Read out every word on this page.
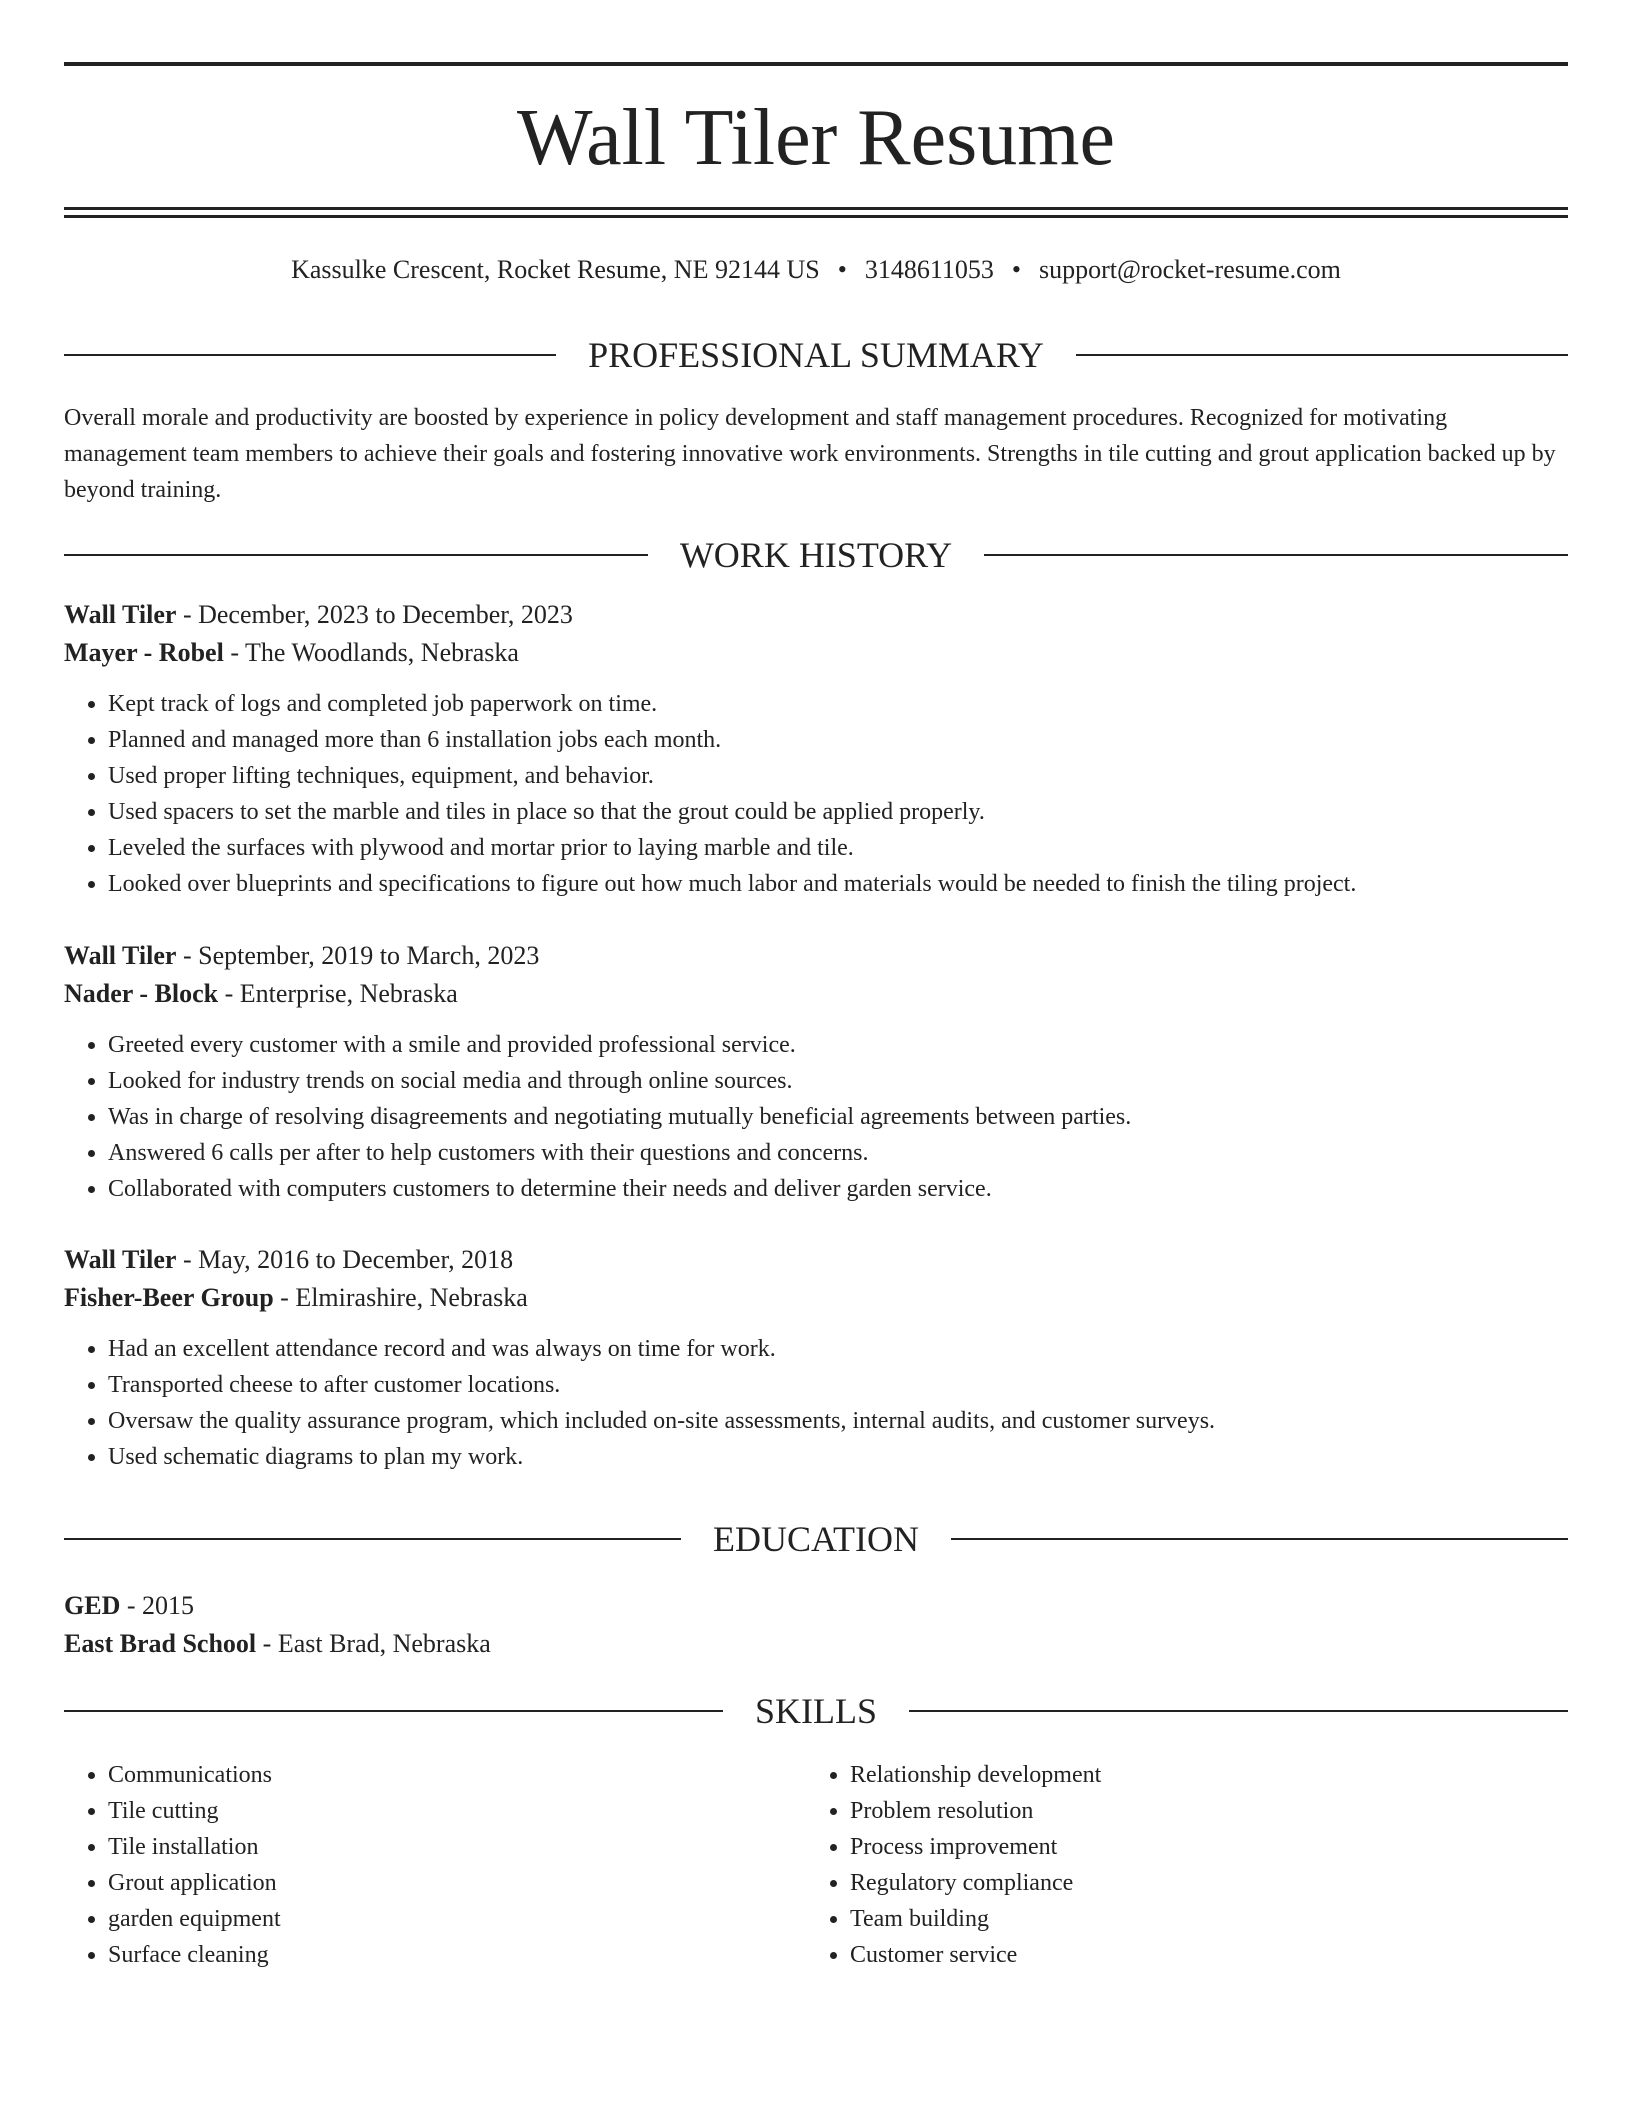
Wall Tiler Resume
Kassulke Crescent, Rocket Resume, NE 92144 US • 3148611053 • support@rocket-resume.com
PROFESSIONAL SUMMARY

Overall morale and productivity are boosted by experience in policy development and staff management procedures. Recognized for motivating management team members to achieve their goals and fostering innovative work environments. Strengths in tile cutting and grout application backed up by beyond training.

WORK HISTORY

Wall Tiler - December, 2023 to December, 2023

Mayer - Robel - The Woodlands, Nebraska

• Kept track of logs and completed job paperwork on time.
• Planned and managed more than 6 installation jobs each month.
• Used proper lifting techniques, equipment, and behavior.
• Used spacers to set the marble and tiles in place so that the grout could be applied properly.
• Leveled the surfaces with plywood and mortar prior to laying marble and tile.
• Looked over blueprints and specifications to figure out how much labor and materials would be needed to finish the tiling project.

Wall Tiler - September, 2019 to March, 2023

Nader - Block - Enterprise, Nebraska

• Greeted every customer with a smile and provided professional service.
• Looked for industry trends on social media and through online sources.
• Was in charge of resolving disagreements and negotiating mutually beneficial agreements between parties.
• Answered 6 calls per after to help customers with their questions and concerns.
• Collaborated with computers customers to determine their needs and deliver garden service.

Wall Tiler - May, 2016 to December, 2018

Fisher-Beer Group - Elmirashire, Nebraska

• Had an excellent attendance record and was always on time for work.
• Transported cheese to after customer locations.
• Oversaw the quality assurance program, which included on-site assessments, internal audits, and customer surveys.
• Used schematic diagrams to plan my work.
EDUCATION

GED - 2015

East Brad School - East Brad, Nebraska

SKILLS
• Communications
• Tile cutting
• Tile installation
• Grout application
• garden equipment
• Surface cleaning
• Relationship development
• Problem resolution
• Process improvement
• Regulatory compliance
• Team building
• Customer service
